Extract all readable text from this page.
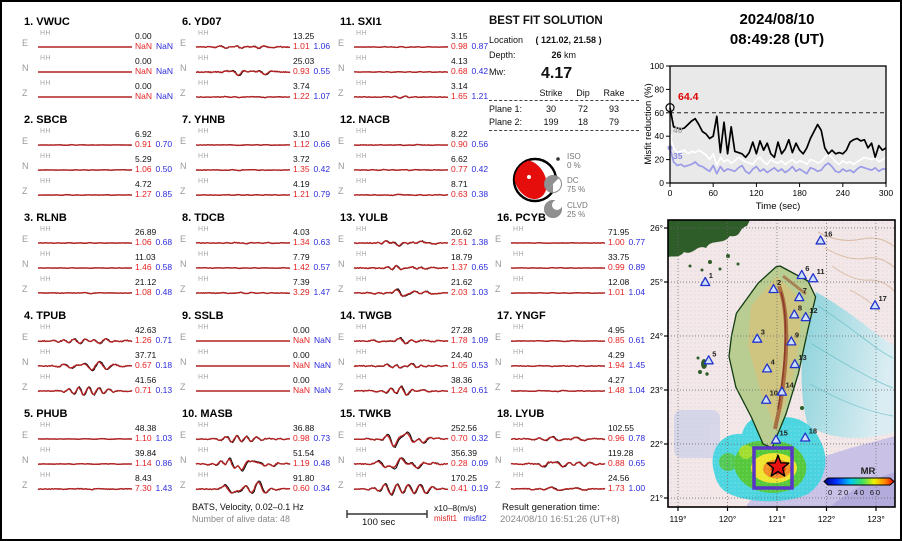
1. VWUC
E
HH	0.00
NaN NaN
N
HH	0.00
NaN NaN
Z
HH	0.00
NaN NaN
2. SBCB
E
HH	6.92
0.91 0.70
N
HH	5.29
1.06 0.50
Z
HH	4.72
1.27 0.85
3. RLNB
E
HH	26.89
1.06 0.68
N
HH	11.03
1.46 0.58
Z
HH	21.12
1.08 0.48
4. TPUB
E
HH	42.63
1.26 0.71
N
HH	37.71
0.67 0.18
Z
HH	41.56
0.71 0.13
5. PHUB
E
HH	48.38
1.10 1.03
N
HH	39.84
1.14 0.86
Z
HH	8.43
7.30 1.43
6. YD07
E
HH	13.25
1.01 1.06
N
HH	25.03
0.93 0.55
Z
HH	3.74
1.22 1.07
7. YHNB
E
HH	3.10
1.12 0.66
N
HH	3.72
1.35 0.42
Z
HH	4.19
1.21 0.79
8. TDCB
E
HH	4.03
1.34 0.63
N
HH	7.79
1.42 0.57
Z
HH	7.39
3.29 1.47
9. SSLB
E
HH	0.00
NaN NaN
N
HH	0.00
NaN NaN
Z
HH	0.00
NaN NaN
10. MASB
E
HH	36.88
0.98 0.73
N
HH	51.54
1.19 0.48
Z
HH	91.80
0.60 0.34
11. SXI1
E
HH	3.15
0.98 0.87
N
HH	4.13
0.68 0.42
Z
HH	3.14
1.65 1.21
12. NACB
E
HH	8.22
0.90 0.56
N
HH	6.62
0.77 0.42
Z
HH	8.71
0.63 0.38
13. YULB
E
HH	20.62
2.51 1.38
N
HH	18.79
1.37 0.65
Z
HH	21.62
2.03 1.03
14. TWGB
E
HH	27.28
1.78 1.09
N
HH	24.40
1.05 0.53
Z
HH	38.36
1.24 0.61
15. TWKB
E
HH	252.56
0.70 0.32
N
HH	356.39
0.28 0.09
Z
HH	170.25
0.41 0.19
16. PCYB
E
HH	71.95
1.00 0.77
N
HH	33.75
0.99 0.89
Z
HH	12.08
1.01 1.04
17. YNGF
E
HH	4.95
0.85 0.61
N
HH	4.29
1.94 1.45
Z
HH	4.27
1.48 1.04
18. LYUB
E
HH	102.55
0.96 0.78
N
HH	119.28
0.88 0.65
Z
HH	24.56
1.73 1.00
BEST FIT SOLUTION
Location ( 121.02, 21.58 )
Depth:	26 km
Mw: 4.17
Strike Dip Rake
Plane 1:	30 72 93
Plane 2: 199 18 79
ISO
0 %
DC
75 %
CLVD
25 %
2024/08/10
08:49:28 (UT)
0
20
40
60
80
100
0	60	120	180	240	300
64.4
40
35
Time (sec)
Misfit reduction (%)
1
2
3
4
5
6
7
8
9
10
11
12
13
14
15
16
17
18
MR
0 20 40 60
26°
25°
24°
23°
22°
21°
119°	120°	121°	122°	123°
BATS, Velocity, 0.02–0.1 Hz
Number of alive data: 48	100 sec
x10–8(m/s)
misfit1 misfit2
Result generation time:
2024/08/10 16:51:26 (UT+8)
